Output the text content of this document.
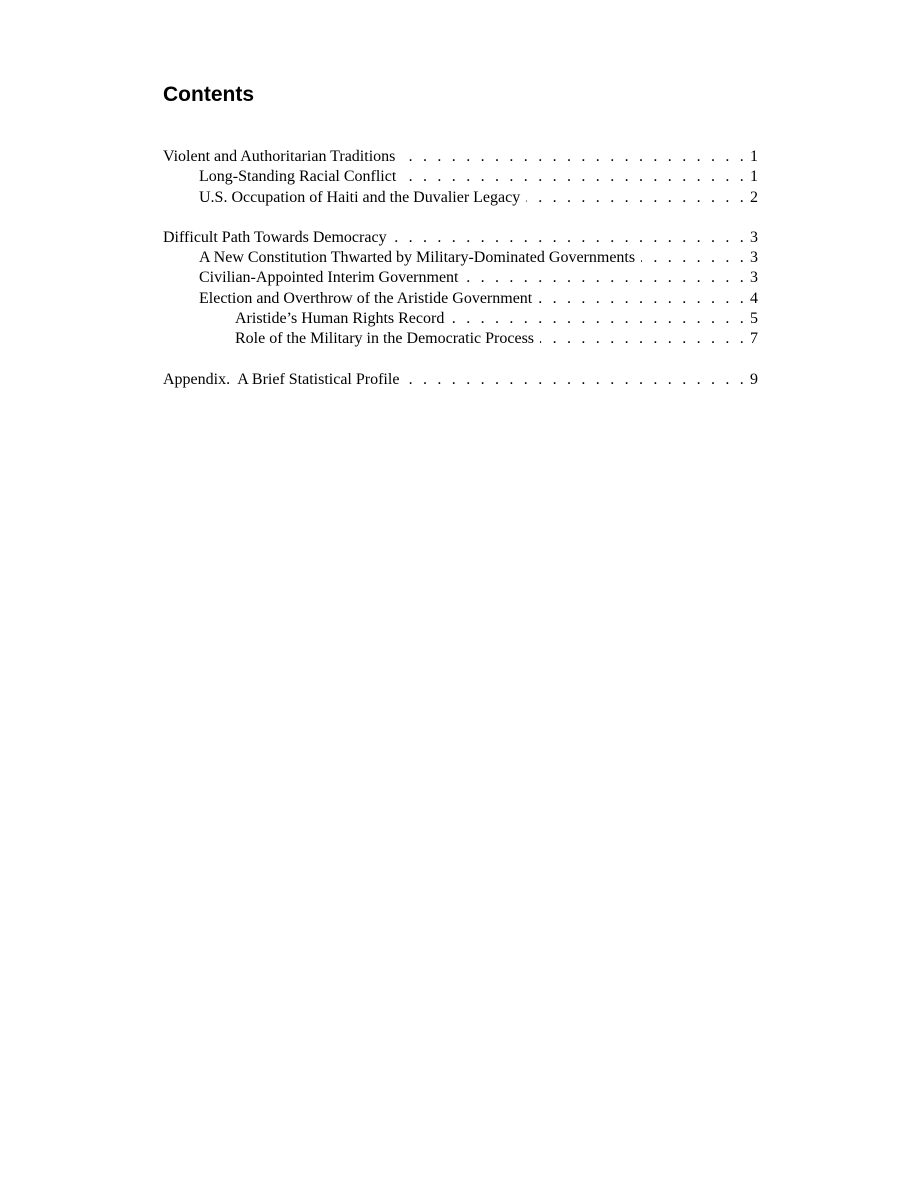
Contents
Violent and Authoritarian Traditions . . .	1
Long-Standing Racial Conflict . . .	1
U.S. Occupation of Haiti and the Duvalier Legacy . . .	2
Difficult Path Towards Democracy . . .	3
A New Constitution Thwarted by Military-Dominated Governments . . .	3
Civilian-Appointed Interim Government . . .	3
Election and Overthrow of the Aristide Government . . .	4
Aristide’s Human Rights Record . . .	5
Role of the Military in the Democratic Process . . .	7
Appendix.  A Brief Statistical Profile . . .	9
